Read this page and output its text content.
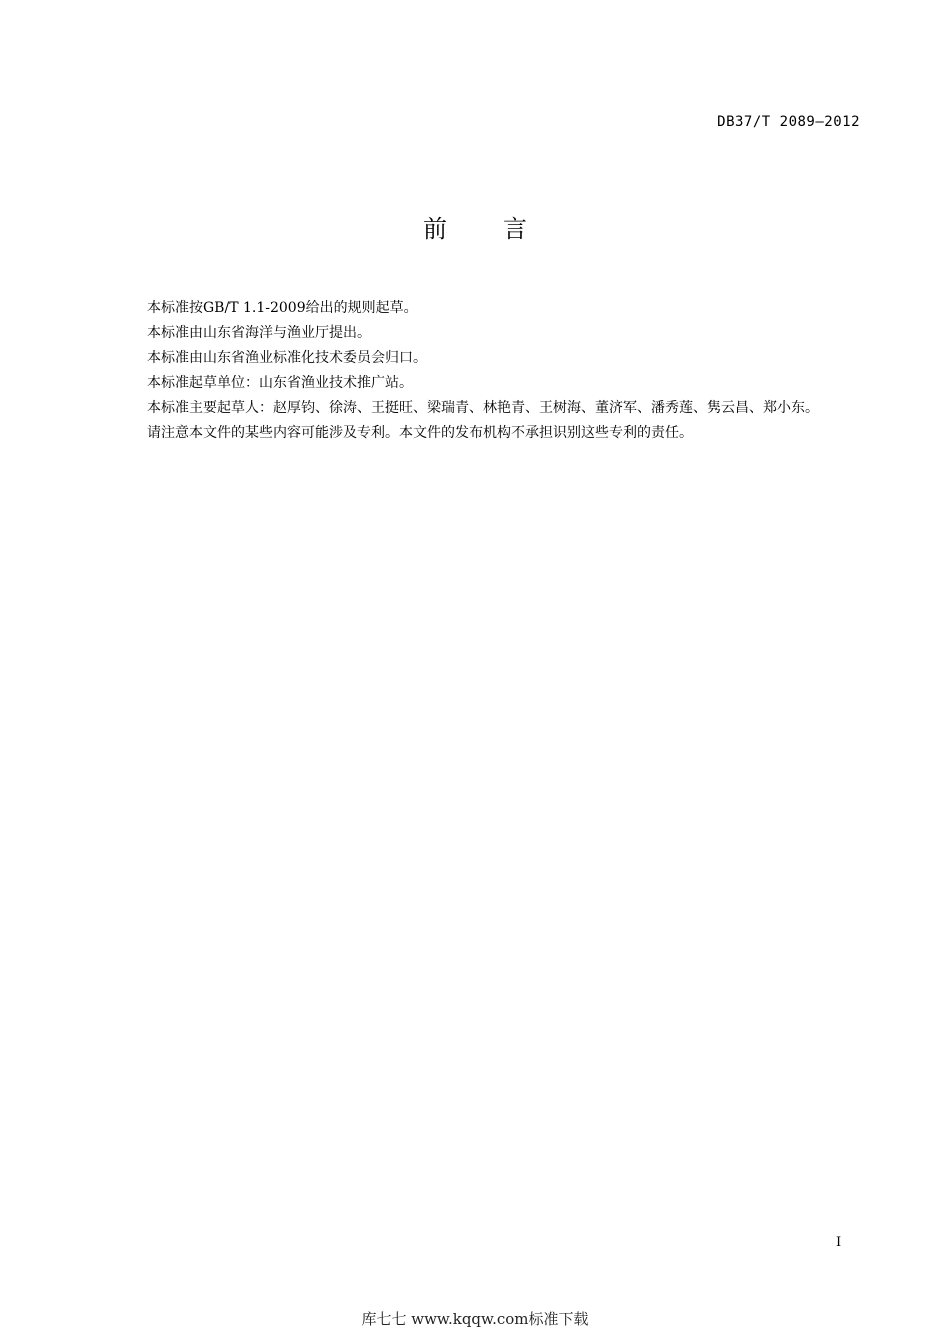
DB37/T 2089—2012
前言

本标准按GB/T 1.1-2009给出的规则起草。

本标准由山东省海洋与渔业厅提出。

本标准由山东省渔业标准化技术委员会归口。

本标准起草单位：山东省渔业技术推广站。

本标准主要起草人：赵厚钧、徐涛、王挺旺、梁瑞青、林艳青、王树海、董济军、潘秀莲、隽云昌、郑小东。

请注意本文件的某些内容可能涉及专利。本文件的发布机构不承担识别这些专利的责任。

I
库七七 www.kqqw.com标准下载
